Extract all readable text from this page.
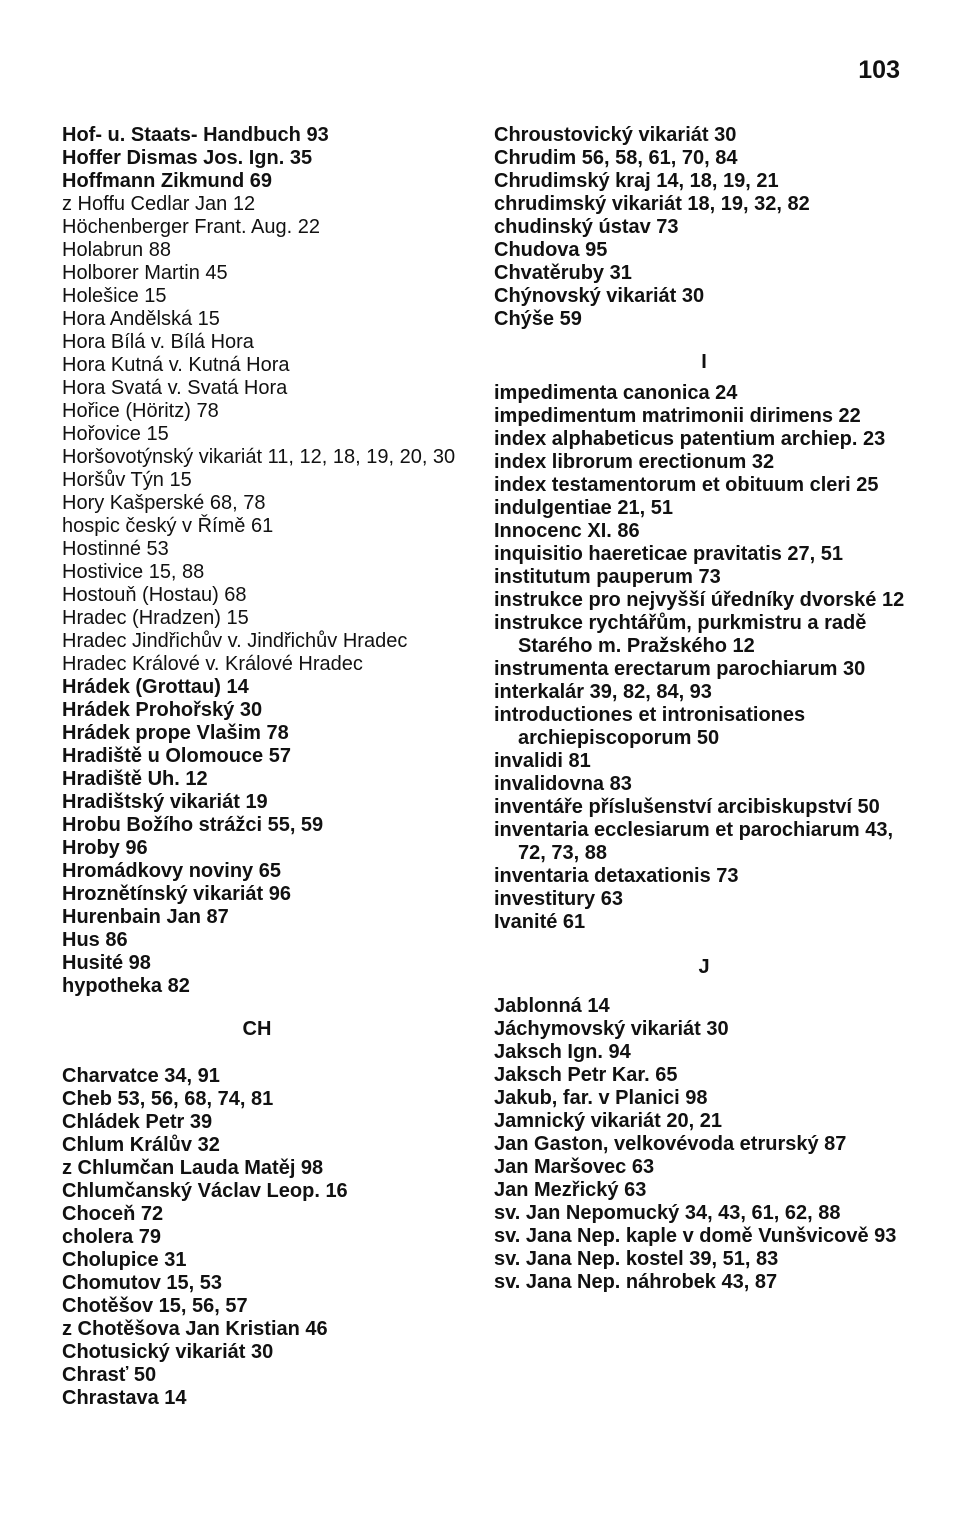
103
Hof- u. Staats- Handbuch 93
Hoffer Dismas Jos. Ign. 35
Hoffmann Zikmund 69
z Hoffu Cedlar Jan 12
Höchenberger Frant. Aug. 22
Holabrun 88
Holborer Martin 45
Holešice 15
Hora Andělská 15
Hora Bílá v. Bílá Hora
Hora Kutná v. Kutná Hora
Hora Svatá v. Svatá Hora
Hořice (Höritz) 78
Hořovice 15
Horšovotýnský vikariát 11, 12, 18, 19, 20, 30
Horšův Týn 15
Hory Kašperské 68, 78
hospic český v Římě 61
Hostinné 53
Hostivice 15, 88
Hostouň (Hostau) 68
Hradec (Hradzen) 15
Hradec Jindřichův v. Jindřichův Hradec
Hradec Králové v. Králové Hradec
Hrádek (Grottau) 14
Hrádek Prohořský 30
Hrádek prope Vlašim 78
Hradiště u Olomouce 57
Hradiště Uh. 12
Hradištský vikariát 19
Hrobu Božího strážci 55, 59
Hroby 96
Hromádkovy noviny 65
Hroznětínský vikariát 96
Hurenbain Jan 87
Hus 86
Husité 98
hypotheka 82
CH
Charvatce 34, 91
Cheb 53, 56, 68, 74, 81
Chládek Petr 39
Chlum Králův 32
z Chlumčan Lauda Matěj 98
Chlumčanský Václav Leop. 16
Choceň 72
cholera 79
Cholupice 31
Chomutov 15, 53
Chotěšov 15, 56, 57
z Chotěšova Jan Kristian 46
Chotusický vikariát 30
Chrasť 50
Chrastava 14
Chroustovický vikariát 30
Chrudim 56, 58, 61, 70, 84
Chrudimský kraj 14, 18, 19, 21
chrudimský vikariát 18, 19, 32, 82
chudinský ústav 73
Chudova 95
Chvatěruby 31
Chýnovský vikariát 30
Chýše 59
I
impedimenta canonica 24
impedimentum matrimonii dirimens 22
index alphabeticus patentium archiep. 23
index librorum erectionum 32
index testamentorum et obituum cleri 25
indulgentiae 21, 51
Innocenc XI. 86
inquisitio haereticae pravitatis 27, 51
institutum pauperum 73
instrukce pro nejvyšší úředníky dvorské 12
instrukce rychtářům, purkmistru a radě Starého m. Pražského 12
instrumenta erectarum parochiarum 30
interkalár 39, 82, 84, 93
introductiones et intronisationes archiepiscoporum 50
invalidi 81
invalidovna 83
inventáře příslušenství arcibiskupství 50
inventaria ecclesiarum et parochiarum 43, 72, 73, 88
inventaria detaxationis 73
investitury 63
Ivanité 61
J
Jablonná 14
Jáchymovský vikariát 30
Jaksch Ign. 94
Jaksch Petr Kar. 65
Jakub, far. v Planici 98
Jamnický vikariát 20, 21
Jan Gaston, velkovévoda etrurský 87
Jan Maršovec 63
Jan Mezřický 63
sv. Jan Nepomucký 34, 43, 61, 62, 88
sv. Jana Nep. kaple v domě Vunšvicově 93
sv. Jana Nep. kostel 39, 51, 83
sv. Jana Nep. náhrobek 43, 87
